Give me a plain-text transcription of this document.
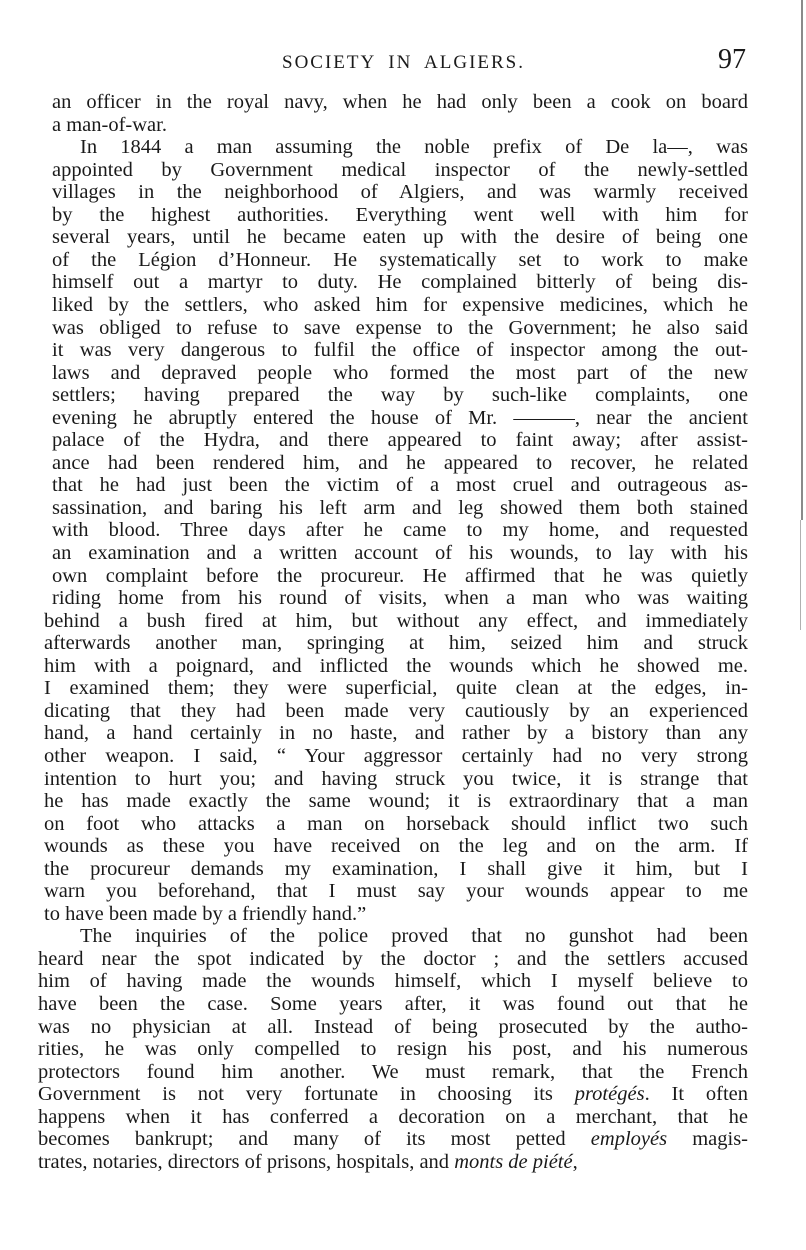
SOCIETY IN ALGIERS.	97
an officer in the royal navy, when he had only been a cook on board
a man-of-war.
In 1844 a man assuming the noble prefix of De la—, was
appointed by Government medical inspector of the newly-settled
villages in the neighborhood of Algiers, and was warmly received
by the highest authorities. Everything went well with him for
several years, until he became eaten up with the desire of being one
of the Légion d’Honneur. He systematically set to work to make
himself out a martyr to duty. He complained bitterly of being dis-
liked by the settlers, who asked him for expensive medicines, which he
was obliged to refuse to save expense to the Government; he also said
it was very dangerous to fulfil the office of inspector among the out-
laws and depraved people who formed the most part of the new
settlers; having prepared the way by such-like complaints, one
evening he abruptly entered the house of Mr. ———, near the ancient
palace of the Hydra, and there appeared to faint away; after assist-
ance had been rendered him, and he appeared to recover, he related
that he had just been the victim of a most cruel and outrageous as-
sassination, and baring his left arm and leg showed them both stained
with blood. Three days after he came to my home, and requested
an examination and a written account of his wounds, to lay with his
own complaint before the procureur. He affirmed that he was quietly
riding home from his round of visits, when a man who was waiting
behind a bush fired at him, but without any effect, and immediately
afterwards another man, springing at him, seized him and struck
him with a poignard, and inflicted the wounds which he showed me.
I examined them; they were superficial, quite clean at the edges, in-
dicating that they had been made very cautiously by an experienced
hand, a hand certainly in no haste, and rather by a bistory than any
other weapon. I said, “ Your aggressor certainly had no very strong
intention to hurt you; and having struck you twice, it is strange that
he has made exactly the same wound; it is extraordinary that a man
on foot who attacks a man on horseback should inflict two such
wounds as these you have received on the leg and on the arm. If
the procureur demands my examination, I shall give it him, but I
warn you beforehand, that I must say your wounds appear to me
to have been made by a friendly hand.”
The inquiries of the police proved that no gunshot had been
heard near the spot indicated by the doctor ; and the settlers accused
him of having made the wounds himself, which I myself believe to
have been the case. Some years after, it was found out that he
was no physician at all. Instead of being prosecuted by the autho-
rities, he was only compelled to resign his post, and his numerous
protectors found him another. We must remark, that the French
Government is not very fortunate in choosing its protégés. It often
happens when it has conferred a decoration on a merchant, that he
becomes bankrupt; and many of its most petted employés magis-
trates, notaries, directors of prisons, hospitals, and monts de piété,
